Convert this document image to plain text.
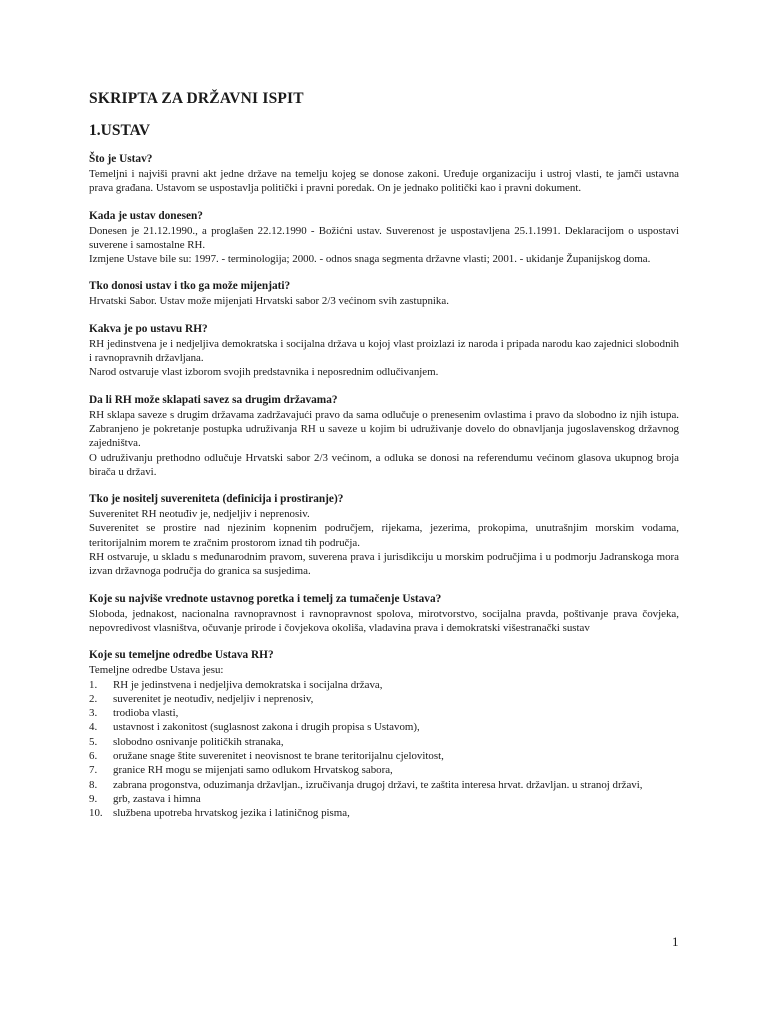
SKRIPTA ZA DRŽAVNI ISPIT
1.USTAV
Što je Ustav?
Temeljni i najviši pravni akt jedne države na temelju kojeg se donose zakoni. Uređuje organizaciju i ustroj vlasti, te jamči ustavna prava građana. Ustavom se uspostavlja politički i pravni poredak. On je jednako politički kao i pravni dokument.
Kada je ustav donesen?
Donesen je 21.12.1990., a proglašen 22.12.1990 - Božićni ustav. Suverenost je uspostavljena 25.1.1991. Deklaracijom o uspostavi suverene i samostalne RH.
Izmjene Ustave bile su: 1997. - terminologija; 2000. - odnos snaga segmenta državne vlasti; 2001. - ukidanje Županijskog doma.
Tko donosi ustav i tko ga može mijenjati?
Hrvatski Sabor. Ustav može mijenjati Hrvatski sabor 2/3 većinom svih zastupnika.
Kakva je po ustavu RH?
RH jedinstvena je i nedjeljiva demokratska i socijalna država u kojoj vlast proizlazi iz naroda i pripada narodu kao zajednici slobodnih i ravnopravnih državljana.
Narod ostvaruje vlast izborom svojih predstavnika i neposrednim odlučivanjem.
Da li RH može sklapati savez sa drugim državama?
RH sklapa saveze s drugim državama zadržavajući pravo da sama odlučuje o prenesenim ovlastima i pravo da slobodno iz njih istupa. Zabranjeno je pokretanje postupka udruživanja RH u saveze u kojim bi udruživanje dovelo do obnavljanja jugoslavenskog državnog zajedništva.
O udruživanju prethodno odlučuje Hrvatski sabor 2/3 većinom, a odluka se donosi na referendumu većinom glasova ukupnog broja birača u državi.
Tko je nositelj suvereniteta (definicija i prostiranje)?
Suverenitet RH neotuđiv je, nedjeljiv i neprenosiv.
Suverenitet se prostire nad njezinim kopnenim područjem, rijekama, jezerima, prokopima, unutrašnjim morskim vodama, teritorijalnim morem te zračnim prostorom iznad tih područja.
RH ostvaruje, u skladu s međunarodnim pravom, suverena prava i jurisdikciju u morskim područjima i u podmorju Jadranskoga mora izvan državnoga područja do granica sa susjedima.
Koje su najviše vrednote ustavnog poretka i temelj za tumačenje Ustava?
Sloboda, jednakost, nacionalna ravnopravnost i ravnopravnost spolova, mirotvorstvo, socijalna pravda, poštivanje prava čovjeka, nepovredivost vlasništva, očuvanje prirode i čovjekova okoliša, vladavina prava i demokratski višestranački sustav
Koje su temeljne odredbe Ustava RH?
Temeljne odredbe Ustava jesu:
1.	RH je jedinstvena i nedjeljiva demokratska i socijalna država,
2.	suverenitet je neotuđiv, nedjeljiv i neprenosiv,
3.	trodioba vlasti,
4.	ustavnost i zakonitost (suglasnost zakona i drugih propisa s Ustavom),
5.	slobodno osnivanje političkih stranaka,
6.	oružane snage štite suverenitet i neovisnost te brane teritorijalnu cjelovitost,
7.	granice RH mogu se mijenjati samo odlukom Hrvatskog sabora,
8.	zabrana progonstva, oduzimanja državljan., izručivanja drugoj državi, te zaštita interesa hrvat. državljan. u stranoj državi,
9.	grb, zastava i himna
10. službena upotreba hrvatskog jezika i latiničnog pisma,
1
